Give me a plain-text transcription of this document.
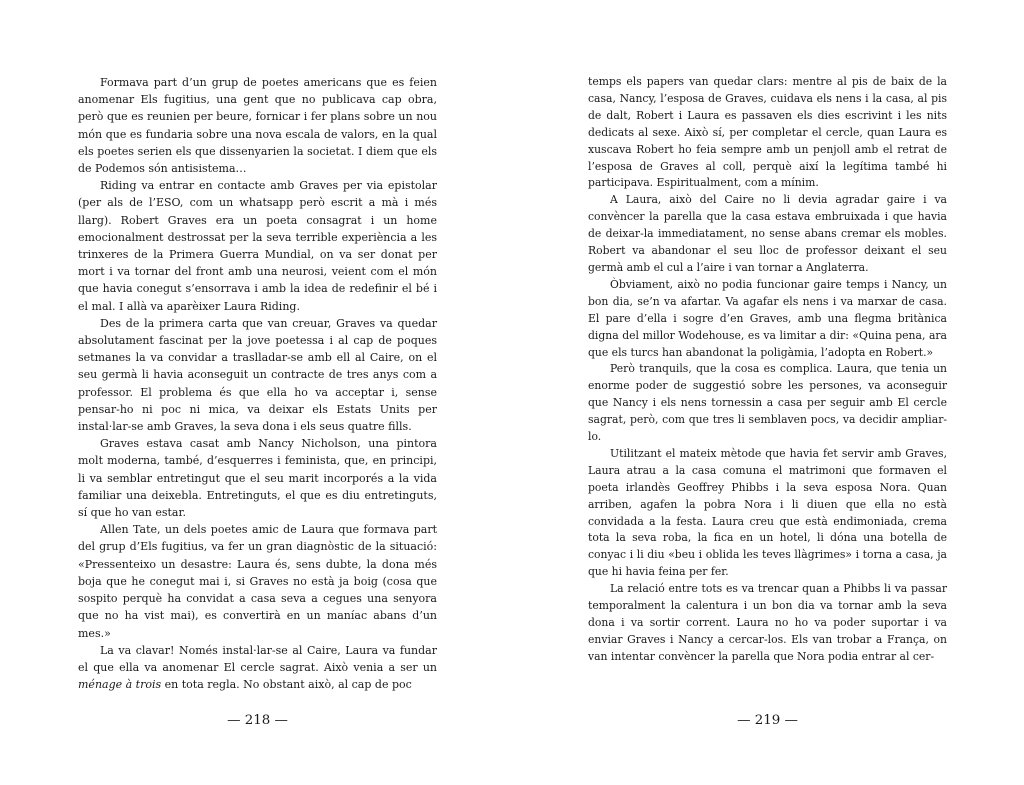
Formava part d’un grup de poetes americans que es feien anomenar Els fugitius, una gent que no publicava cap obra, però que es reunien per beure, fornicar i fer plans sobre un nou món que es fundaria sobre una nova escala de valors, en la qual els poetes serien els que dissenyarien la societat. I diem que els de Podemos són antisistema…

Riding va entrar en contacte amb Graves per via epistolar (per als de l’ESO, com un whatsapp però escrit a mà i més llarg). Robert Graves era un poeta consagrat i un home emocionalment destrossat per la seva terrible experiència a les trinxeres de la Primera Guerra Mundial, on va ser donat per mort i va tornar del front amb una neurosi, veient com el món que havia conegut s’ensorrava i amb la idea de redefinir el bé i el mal. I allà va aparèixer Laura Riding.

Des de la primera carta que van creuar, Graves va quedar absolutament fascinat per la jove poetessa i al cap de poques setmanes la va convidar a traslladar-se amb ell al Caire, on el seu germà li havia aconseguit un contracte de tres anys com a professor. El problema és que ella ho va acceptar i, sense pensar-ho ni poc ni mica, va deixar els Estats Units per instal·lar-se amb Graves, la seva dona i els seus quatre fills.

Graves estava casat amb Nancy Nicholson, una pintora molt moderna, també, d’esquerres i feminista, que, en principi, li va semblar entretingut que el seu marit incorporés a la vida familiar una deixebla. Entretinguts, el que es diu entretinguts, sí que ho van estar.

Allen Tate, un dels poetes amic de Laura que formava part del grup d’Els fugitius, va fer un gran diagnòstic de la situació: «Pressenteixo un desastre: Laura és, sens dubte, la dona més boja que he conegut mai i, si Graves no està ja boig (cosa que sospito perquè ha convidat a casa seva a cegues una senyora que no ha vist mai), es convertirà en un maníac abans d’un mes.»

La va clavar! Només instal·lar-se al Caire, Laura va fundar el que ella va anomenar El cercle sagrat. Això venia a ser un ménage à trois en tota regla. No obstant això, al cap de poc

— 218 —

temps els papers van quedar clars: mentre al pis de baix de la casa, Nancy, l’esposa de Graves, cuidava els nens i la casa, al pis de dalt, Robert i Laura es passaven els dies escrivint i les nits dedicats al sexe. Això sí, per completar el cercle, quan Laura es xuscava Robert ho feia sempre amb un penjoll amb el retrat de l’esposa de Graves al coll, perquè així la legítima també hi participava. Espiritualment, com a mínim.

A Laura, això del Caire no li devia agradar gaire i va convèncer la parella que la casa estava embruixada i que havia de deixar-la immediatament, no sense abans cremar els mobles. Robert va abandonar el seu lloc de professor deixant el seu germà amb el cul a l’aire i van tornar a Anglaterra.

Òbviament, això no podia funcionar gaire temps i Nancy, un bon dia, se’n va afartar. Va agafar els nens i va marxar de casa. El pare d’ella i sogre d’en Graves, amb una flegma britànica digna del millor Wodehouse, es va limitar a dir: «Quina pena, ara que els turcs han abandonat la poligàmia, l’adopta en Robert.»

Però tranquils, que la cosa es complica. Laura, que tenia un enorme poder de suggestió sobre les persones, va aconseguir que Nancy i els nens tornessin a casa per seguir amb El cercle sagrat, però, com que tres li semblaven pocs, va decidir ampliar-lo.

Utilitzant el mateix mètode que havia fet servir amb Graves, Laura atrau a la casa comuna el matrimoni que formaven el poeta irlandès Geoffrey Phibbs i la seva esposa Nora. Quan arriben, agafen la pobra Nora i li diuen que ella no està convidada a la festa. Laura creu que està endimoniada, crema tota la seva roba, la fica en un hotel, li dóna una botella de conyac i li diu «beu i oblida les teves llàgrimes» i torna a casa, ja que hi havia feina per fer.

La relació entre tots es va trencar quan a Phibbs li va passar temporalment la calentura i un bon dia va tornar amb la seva dona i va sortir corrent. Laura no ho va poder suportar i va enviar Graves i Nancy a cercar-los. Els van trobar a França, on van intentar convèncer la parella que Nora podia entrar al cer-

— 219 —
